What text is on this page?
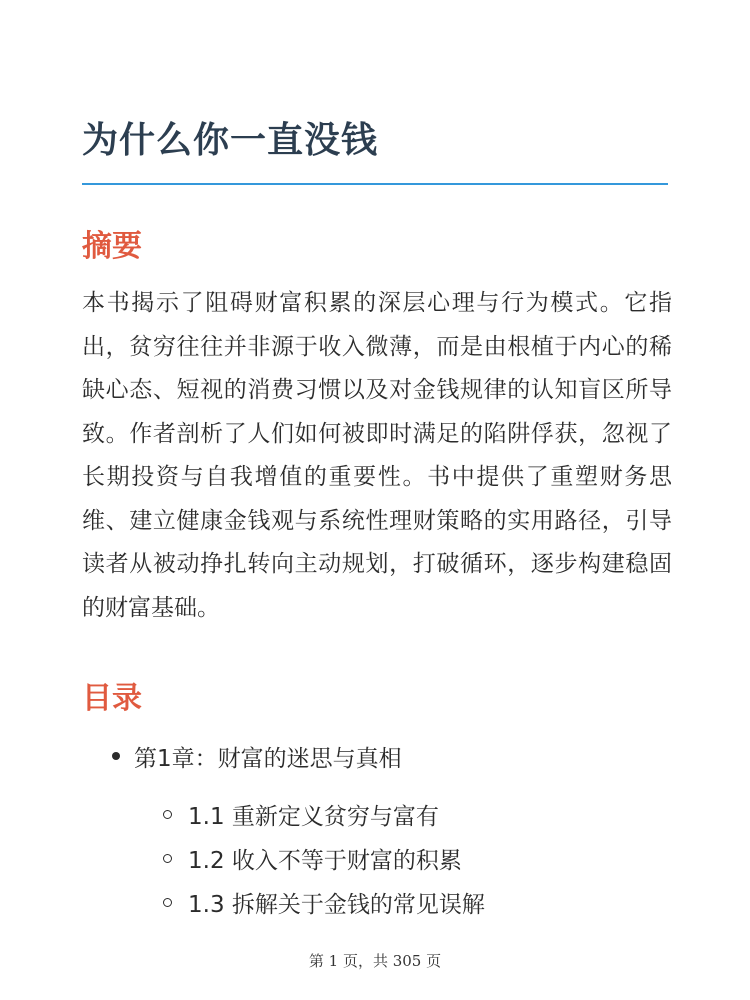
为什么你一直没钱
摘要

本书揭示了阻碍财富积累的深层心理与行为模式。它指出，贫穷往往并非源于收入微薄，而是由根植于内心的稀缺心态、短视的消费习惯以及对金钱规律的认知盲区所导致。作者剖析了人们如何被即时满足的陷阱俘获，忽视了长期投资与自我增值的重要性。书中提供了重塑财务思维、建立健康金钱观与系统性理财策略的实用路径，引导读者从被动挣扎转向主动规划，打破循环，逐步构建稳固的财富基础。

目录
第1章：财富的迷思与真相
1.1 重新定义贫穷与富有
1.2 收入不等于财富的积累
1.3 拆解关于金钱的常见误解
第 1 页，共 305 页
